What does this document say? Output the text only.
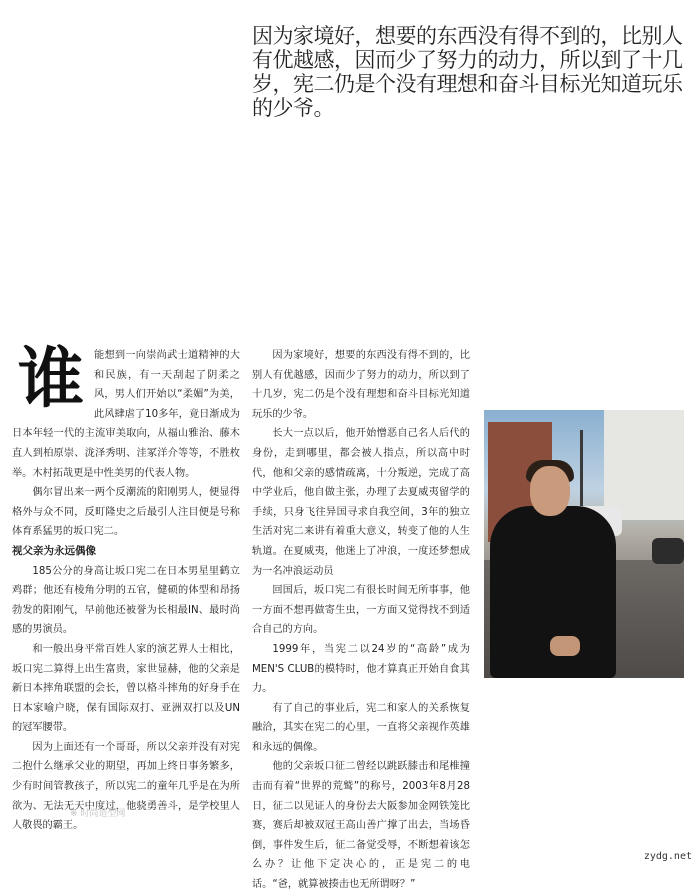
因为家境好，想要的东西没有得不到的，比别人有优越感，因而少了努力的动力，所以到了十几岁，宪二仍是个没有理想和奋斗目标光知道玩乐的少爷。
谁 能想到一向崇尚武士道精神的大和民族，有一天刮起了阴柔之风，男人们开始以“柔媚”为美，此风肆虐了10多年，竟日渐成为日本年轻一代的主流审美取向，从福山雅治、藤木直人到柏原崇、泷泽秀明、洼冢洋介等等，不胜枚举。木村拓哉更是中性美男的代表人物。

偶尔冒出来一两个反潮流的阳刚男人，便显得格外与众不同，反町隆史之后最引人注目便是号称体育系猛男的坂口宪二。

视父亲为永远偶像

185公分的身高让坂口宪二在日本男星里鹤立鸡群；他还有棱角分明的五官，健硕的体型和昂扬勃发的阳刚气，早前他还被誉为长相最IN、最时尚感的男演员。

和一般出身平常百姓人家的演艺界人士相比，坂口宪二算得上出生富贵，家世显赫，他的父亲是新日本摔角联盟的会长，曾以格斗摔角的好身手在日本家喻户晓，保有国际双打、亚洲双打以及UN的冠军腰带。

因为上面还有一个哥哥，所以父亲并没有对宪二抱什么继承父业的期望，再加上终日事务繁多，少有时间管教孩子，所以宪二的童年几乎是在为所欲为、无法无天中度过，他骁勇善斗，是学校里人人敬畏的霸王。

因为家境好，想要的东西没有得不到的，比别人有优越感，因而少了努力的动力，所以到了十几岁，宪二仍是个没有理想和奋斗目标光知道玩乐的少爷。

长大一点以后，他开始憎恶自己名人后代的身份，走到哪里，都会被人指点，所以高中时代，他和父亲的感情疏离，十分叛逆，完成了高中学业后，他自做主张，办理了去夏威夷留学的手续，只身飞往异国寻求自我空间，3年的独立生活对宪二来讲有着重大意义，转变了他的人生轨道。在夏威夷，他迷上了冲浪，一度还梦想成为一名冲浪运动员

回国后，坂口宪二有很长时间无所事事，他一方面不想再做寄生虫，一方面又觉得找不到适合自己的方向。

1999年，当宪二以24岁的“高龄”成为MEN'S CLUB的模特时，他才算真正开始自食其力。

有了自己的事业后，宪二和家人的关系恢复融洽，其实在宪二的心里，一直将父亲视作英雄和永远的偶像。

他的父亲坂口征二曾经以跳跃膝击和尾椎撞击而有着“世界的荒鹫”的称号，2003年8月28日，征二以见证人的身份去大阪参加金网铁笼比赛，赛后却被双冠王高山善广撑了出去，当场昏倒，事件发生后，征二备觉受辱，不断想着该怎么办？让他下定决心的，正是宪二的电话。“爸，就算被揍击也无所谓呀？”

※ 时尚造型网
zydg.net
